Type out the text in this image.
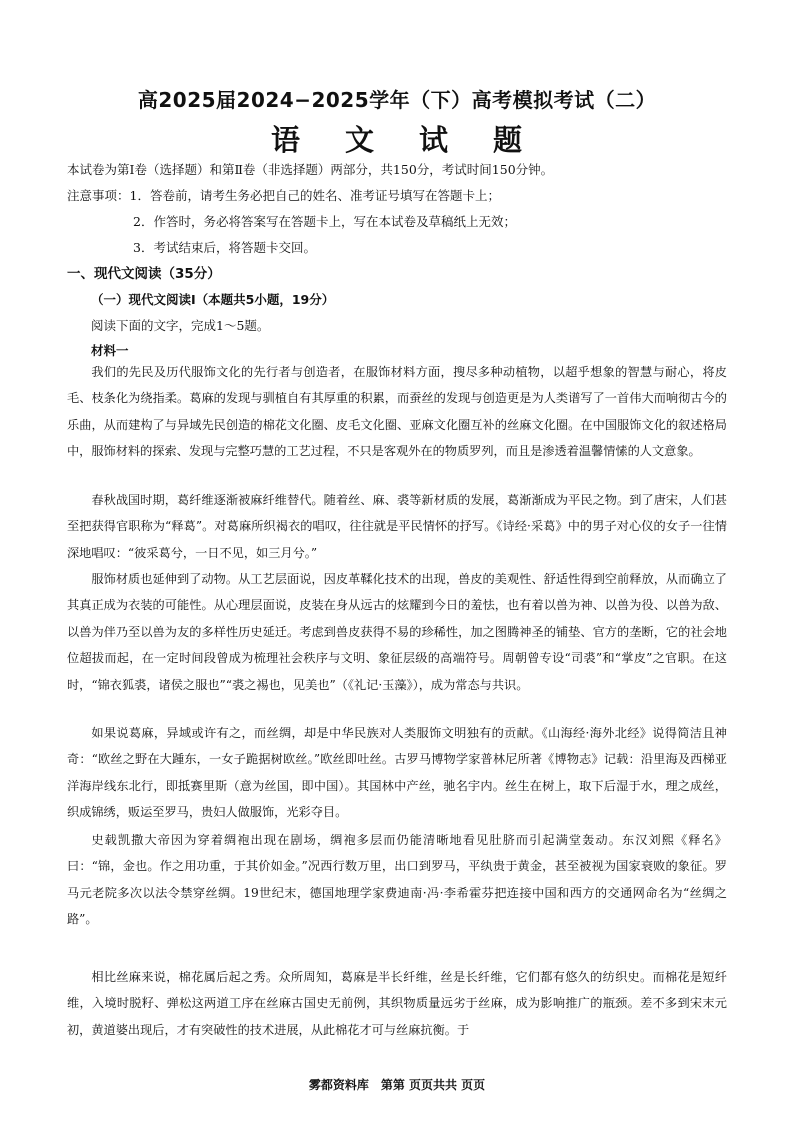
高2025届2024−2025学年（下）高考模拟考试（二）
语 文 试 题
本试卷为第Ⅰ卷（选择题）和第Ⅱ卷（非选择题）两部分，共150分，考试时间150分钟。
注意事项：1．答卷前，请考生务必把自己的姓名、准考证号填写在答题卡上；
2．作答时，务必将答案写在答题卡上，写在本试卷及草稿纸上无效；
3．考试结束后，将答题卡交回。
一、现代文阅读（35分）
（一）现代文阅读Ⅰ（本题共5小题，19分）
阅读下面的文字，完成1～5题。
材料一

我们的先民及历代服饰文化的先行者与创造者，在服饰材料方面，搜尽多种动植物，以超乎想象的智慧与耐心，将皮毛、枝条化为绕指柔。葛麻的发现与驯植自有其厚重的积累，而蚕丝的发现与创造更是为人类谱写了一首伟大而响彻古今的乐曲，从而建构了与异域先民创造的棉花文化圈、皮毛文化圈、亚麻文化圈互补的丝麻文化圈。在中国服饰文化的叙述格局中，服饰材料的探索、发现与完整巧慧的工艺过程，不只是客观外在的物质罗列，而且是渗透着温馨情愫的人文意象。

春秋战国时期，葛纤维逐渐被麻纤维替代。随着丝、麻、裘等新材质的发展，葛渐渐成为平民之物。到了唐宋，人们甚至把获得官职称为“释葛”。对葛麻所织褐衣的唱叹，往往就是平民情怀的抒写。《诗经·采葛》中的男子对心仪的女子一往情深地唱叹：“彼采葛兮，一日不见，如三月兮。”

服饰材质也延伸到了动物。从工艺层面说，因皮革鞣化技术的出现，兽皮的美观性、舒适性得到空前释放，从而确立了其真正成为衣装的可能性。从心理层面说，皮装在身从远古的炫耀到今日的羞怯，也有着以兽为神、以兽为役、以兽为敌、以兽为伴乃至以兽为友的多样性历史延迁。考虑到兽皮获得不易的珍稀性，加之图腾神圣的铺垫、官方的垄断，它的社会地位超拔而起，在一定时间段曾成为梳理社会秩序与文明、象征层级的高端符号。周朝曾专设“司裘”和“掌皮”之官职。在这时，“锦衣狐裘，诸侯之服也”“裘之裼也，见美也”（《礼记·玉藻》），成为常态与共识。

如果说葛麻，异域或许有之，而丝绸，却是中华民族对人类服饰文明独有的贡献。《山海经·海外北经》说得简洁且神奇：“欧丝之野在大踵东，一女子跪据树欧丝。”欧丝即吐丝。古罗马博物学家普林尼所著《博物志》记载：沿里海及西梯亚洋海岸线东北行，即抵赛里斯（意为丝国，即中国）。其国林中产丝，驰名宇内。丝生在树上，取下后湿于水，理之成丝，织成锦绣，贩运至罗马，贵妇人做服饰，光彩夺目。

史载凯撒大帝因为穿着绸袍出现在剧场，绸袍多层而仍能清晰地看见肚脐而引起满堂轰动。东汉刘熙《释名》曰：“锦，金也。作之用功重，于其价如金。”况西行数万里，出口到罗马，平纨贵于黄金，甚至被视为国家衰败的象征。罗马元老院多次以法令禁穿丝绸。19世纪末，德国地理学家费迪南·冯·李希霍芬把连接中国和西方的交通网命名为“丝绸之路”。

相比丝麻来说，棉花属后起之秀。众所周知，葛麻是半长纤维，丝是长纤维，它们都有悠久的纺织史。而棉花是短纤维，入境时脱籽、弹松这两道工序在丝麻古国史无前例，其织物质量远劣于丝麻，成为影响推广的瓶颈。差不多到宋末元初，黄道婆出现后，才有突破性的技术进展，从此棉花才可与丝麻抗衡。于

雾都资料库　第第 页页共共 页页
